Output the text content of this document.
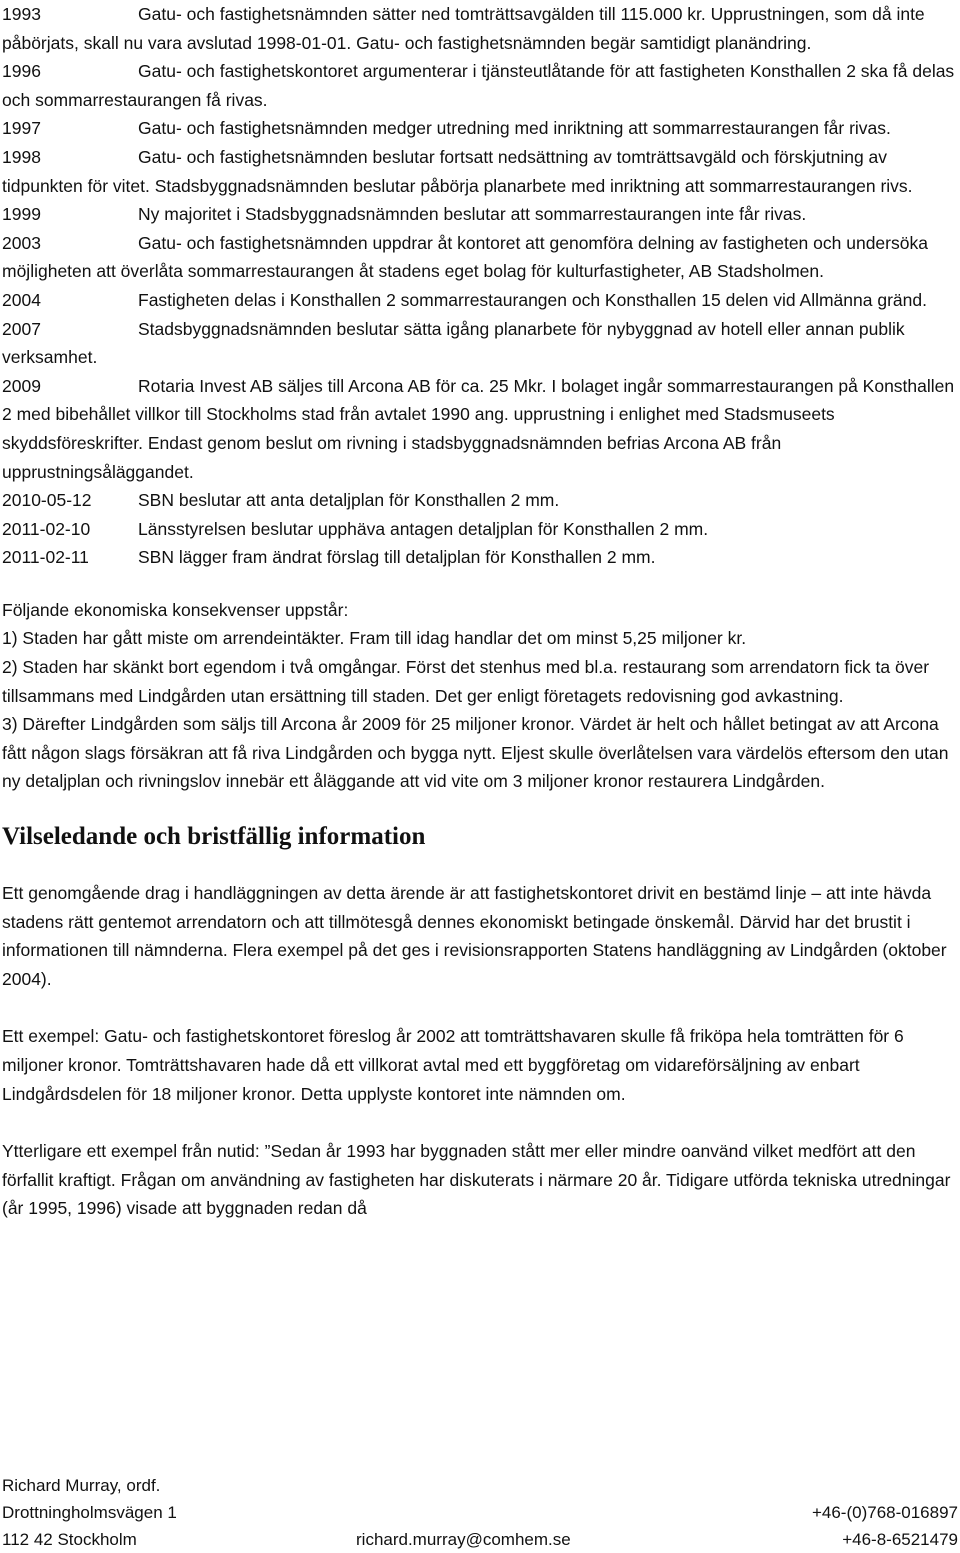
1993	Gatu- och fastighetsnämnden sätter ned tomträttsavgälden till 115.000 kr. Upprustningen, som då inte påbörjats, skall nu vara avslutad 1998-01-01. Gatu- och fastighetsnämnden begär samtidigt planändring.

1996	Gatu- och fastighetskontoret argumenterar i tjänsteutlåtande för att fastigheten Konsthallen 2 ska få delas och sommarrestaurangen få rivas.

1997	Gatu- och fastighetsnämnden medger utredning med inriktning att sommarrestaurangen får rivas.

1998	Gatu- och fastighetsnämnden beslutar fortsatt nedsättning av tomträttsavgäld och förskjutning av tidpunkten för vitet. Stadsbyggnadsnämnden beslutar påbörja planarbete med inriktning att sommarrestaurangen rivs.

1999	Ny majoritet i Stadsbyggnadsnämnden beslutar att sommarrestaurangen inte får rivas.

2003	Gatu- och fastighetsnämnden uppdrar åt kontoret att genomföra delning av fastigheten och undersöka möjligheten att överlåta sommarrestaurangen åt stadens eget bolag för kulturfastigheter, AB Stadsholmen.

2004	Fastigheten delas i Konsthallen 2 sommarrestaurangen och Konsthallen 15 delen vid Allmänna gränd.

2007	Stadsbyggnadsnämnden beslutar sätta igång planarbete för nybyggnad av hotell eller annan publik verksamhet.

2009	Rotaria Invest AB säljes till Arcona AB för ca. 25 Mkr. I bolaget ingår sommarrestaurangen på Konsthallen 2 med bibehållet villkor till Stockholms stad från avtalet 1990 ang. upprustning i enlighet med Stadsmuseets skyddsföreskrifter. Endast genom beslut om rivning i stadsbyggnadsnämnden befrias Arcona AB från upprustningsåläggandet.

2010-05-12	SBN beslutar att anta detaljplan för Konsthallen 2 mm.

2011-02-10	Länsstyrelsen beslutar upphäva antagen detaljplan för Konsthallen 2 mm.

2011-02-11	SBN lägger fram ändrat förslag till detaljplan för Konsthallen 2 mm.

Följande ekonomiska konsekvenser uppstår:

1) Staden har gått miste om arrendeintäkter. Fram till idag handlar det om minst 5,25 miljoner kr.

2) Staden har skänkt bort egendom i två omgångar. Först det stenhus med bl.a. restaurang som arrendatorn fick ta över tillsammans med Lindgården utan ersättning till staden. Det ger enligt företagets redovisning god avkastning.

3) Därefter Lindgården som säljs till Arcona år 2009 för 25 miljoner kronor. Värdet är helt och hållet betingat av att Arcona fått någon slags försäkran att få riva Lindgården och bygga nytt. Eljest skulle överlåtelsen vara värdelös eftersom den utan ny detaljplan och rivningslov innebär ett åläggande att vid vite om 3 miljoner kronor restaurera Lindgården.

Vilseledande och bristfällig information

Ett genomgående drag i handläggningen av detta ärende är att fastighetskontoret drivit en bestämd linje – att inte hävda stadens rätt gentemot arrendatorn och att tillmötesgå dennes ekonomiskt betingade önskemål. Därvid har det brustit i informationen till nämnderna. Flera exempel på det ges i revisionsrapporten Statens handläggning av Lindgården (oktober 2004).

Ett exempel: Gatu- och fastighetskontoret föreslog år 2002 att tomträttshavaren skulle få friköpa hela tomträtten för 6 miljoner kronor. Tomträttshavaren hade då ett villkorat avtal med ett byggföretag om vidareförsäljning av enbart Lindgårdsdelen för 18 miljoner kronor. Detta upplyste kontoret inte nämnden om.

Ytterligare ett exempel från nutid: ”Sedan år 1993 har byggnaden stått mer eller mindre oanvänd vilket medfört att den förfallit kraftigt. Frågan om användning av fastigheten har diskuterats i närmare 20 år. Tidigare utförda tekniska utredningar (år 1995, 1996) visade att byggnaden redan då

Richard Murray, ordf.
Drottningholmsvägen 1	+46-(0)768-016897
112 42 Stockholm	richard.murray@comhem.se	+46-8-6521479
